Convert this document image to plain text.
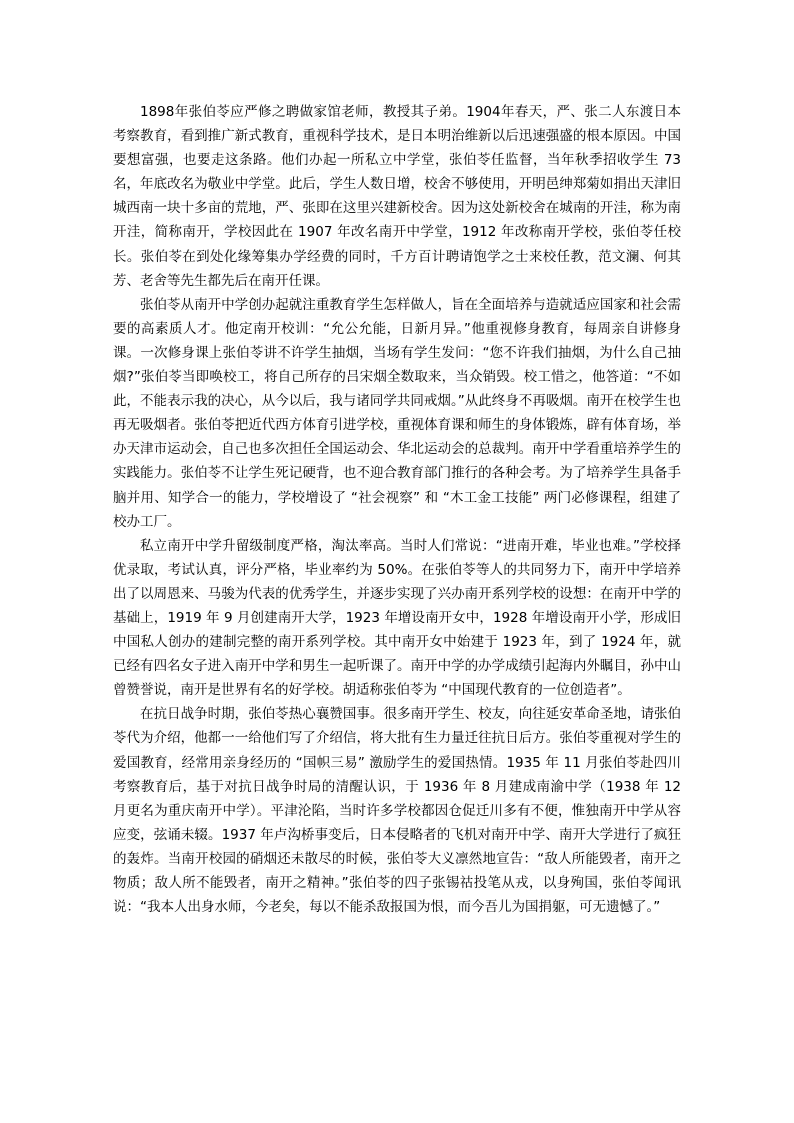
1898年张伯苓应严修之聘做家馆老师，教授其子弟。1904年春天，严、张二人东渡日本考察教育，看到推广新式教育，重视科学技术，是日本明治维新以后迅速强盛的根本原因。中国要想富强，也要走这条路。他们办起一所私立中学堂，张伯苓任监督，当年秋季招收学生 73 名，年底改名为敬业中学堂。此后，学生人数日增，校舍不够使用，开明邑绅郑菊如捐出天津旧城西南一块十多亩的荒地，严、张即在这里兴建新校舍。因为这处新校舍在城南的开洼，称为南开洼，简称南开，学校因此在 1907 年改名南开中学堂，1912 年改称南开学校，张伯苓任校长。张伯苓在到处化缘筹集办学经费的同时，千方百计聘请饱学之士来校任教，范文澜、何其芳、老舍等先生都先后在南开任课。

张伯苓从南开中学创办起就注重教育学生怎样做人，旨在全面培养与造就适应国家和社会需要的高素质人才。他定南开校训：“允公允能，日新月异。”他重视修身教育，每周亲自讲修身课。一次修身课上张伯苓讲不许学生抽烟，当场有学生发问：“您不许我们抽烟，为什么自己抽烟?”张伯苓当即唤校工，将自己所存的吕宋烟全数取来，当众销毁。校工惜之，他答道：“不如此，不能表示我的决心，从今以后，我与诸同学共同戒烟。”从此终身不再吸烟。南开在校学生也再无吸烟者。张伯苓把近代西方体育引进学校，重视体育课和师生的身体锻炼，辟有体育场，举办天津市运动会，自己也多次担任全国运动会、华北运动会的总裁判。南开中学看重培养学生的实践能力。张伯苓不让学生死记硬背，也不迎合教育部门推行的各种会考。为了培养学生具备手脑并用、知学合一的能力，学校增设了 “社会视察” 和 “木工金工技能” 两门必修课程，组建了校办工厂。

私立南开中学升留级制度严格，淘汰率高。当时人们常说：“进南开难，毕业也难。”学校择优录取，考试认真，评分严格，毕业率约为 50%。在张伯苓等人的共同努力下，南开中学培养出了以周恩来、马骏为代表的优秀学生，并逐步实现了兴办南开系列学校的设想：在南开中学的基础上，1919 年 9 月创建南开大学，1923 年增设南开女中，1928 年增设南开小学，形成旧中国私人创办的建制完整的南开系列学校。其中南开女中始建于 1923 年，到了 1924 年，就已经有四名女子进入南开中学和男生一起听课了。南开中学的办学成绩引起海内外瞩目，孙中山曾赞誉说，南开是世界有名的好学校。胡适称张伯苓为 “中国现代教育的一位创造者”。

在抗日战争时期，张伯苓热心襄赞国事。很多南开学生、校友，向往延安革命圣地，请张伯苓代为介绍，他都一一给他们写了介绍信，将大批有生力量迁往抗日后方。张伯苓重视对学生的爱国教育，经常用亲身经历的 “国帜三易” 激励学生的爱国热情。1935 年 11 月张伯苓赴四川考察教育后，基于对抗日战争时局的清醒认识，于 1936 年 8 月建成南渝中学（1938 年 12 月更名为重庆南开中学）。平津沦陷，当时许多学校都因仓促迁川多有不便，惟独南开中学从容应变，弦诵未辍。1937 年卢沟桥事变后，日本侵略者的飞机对南开中学、南开大学进行了疯狂的轰炸。当南开校园的硝烟还未散尽的时候，张伯苓大义凛然地宣告：“敌人所能毁者，南开之物质；敌人所不能毁者，南开之精神。”张伯苓的四子张锡祜投笔从戎，以身殉国，张伯苓闻讯说：“我本人出身水师，今老矣，每以不能杀敌报国为恨，而今吾儿为国捐躯，可无遗憾了。”
